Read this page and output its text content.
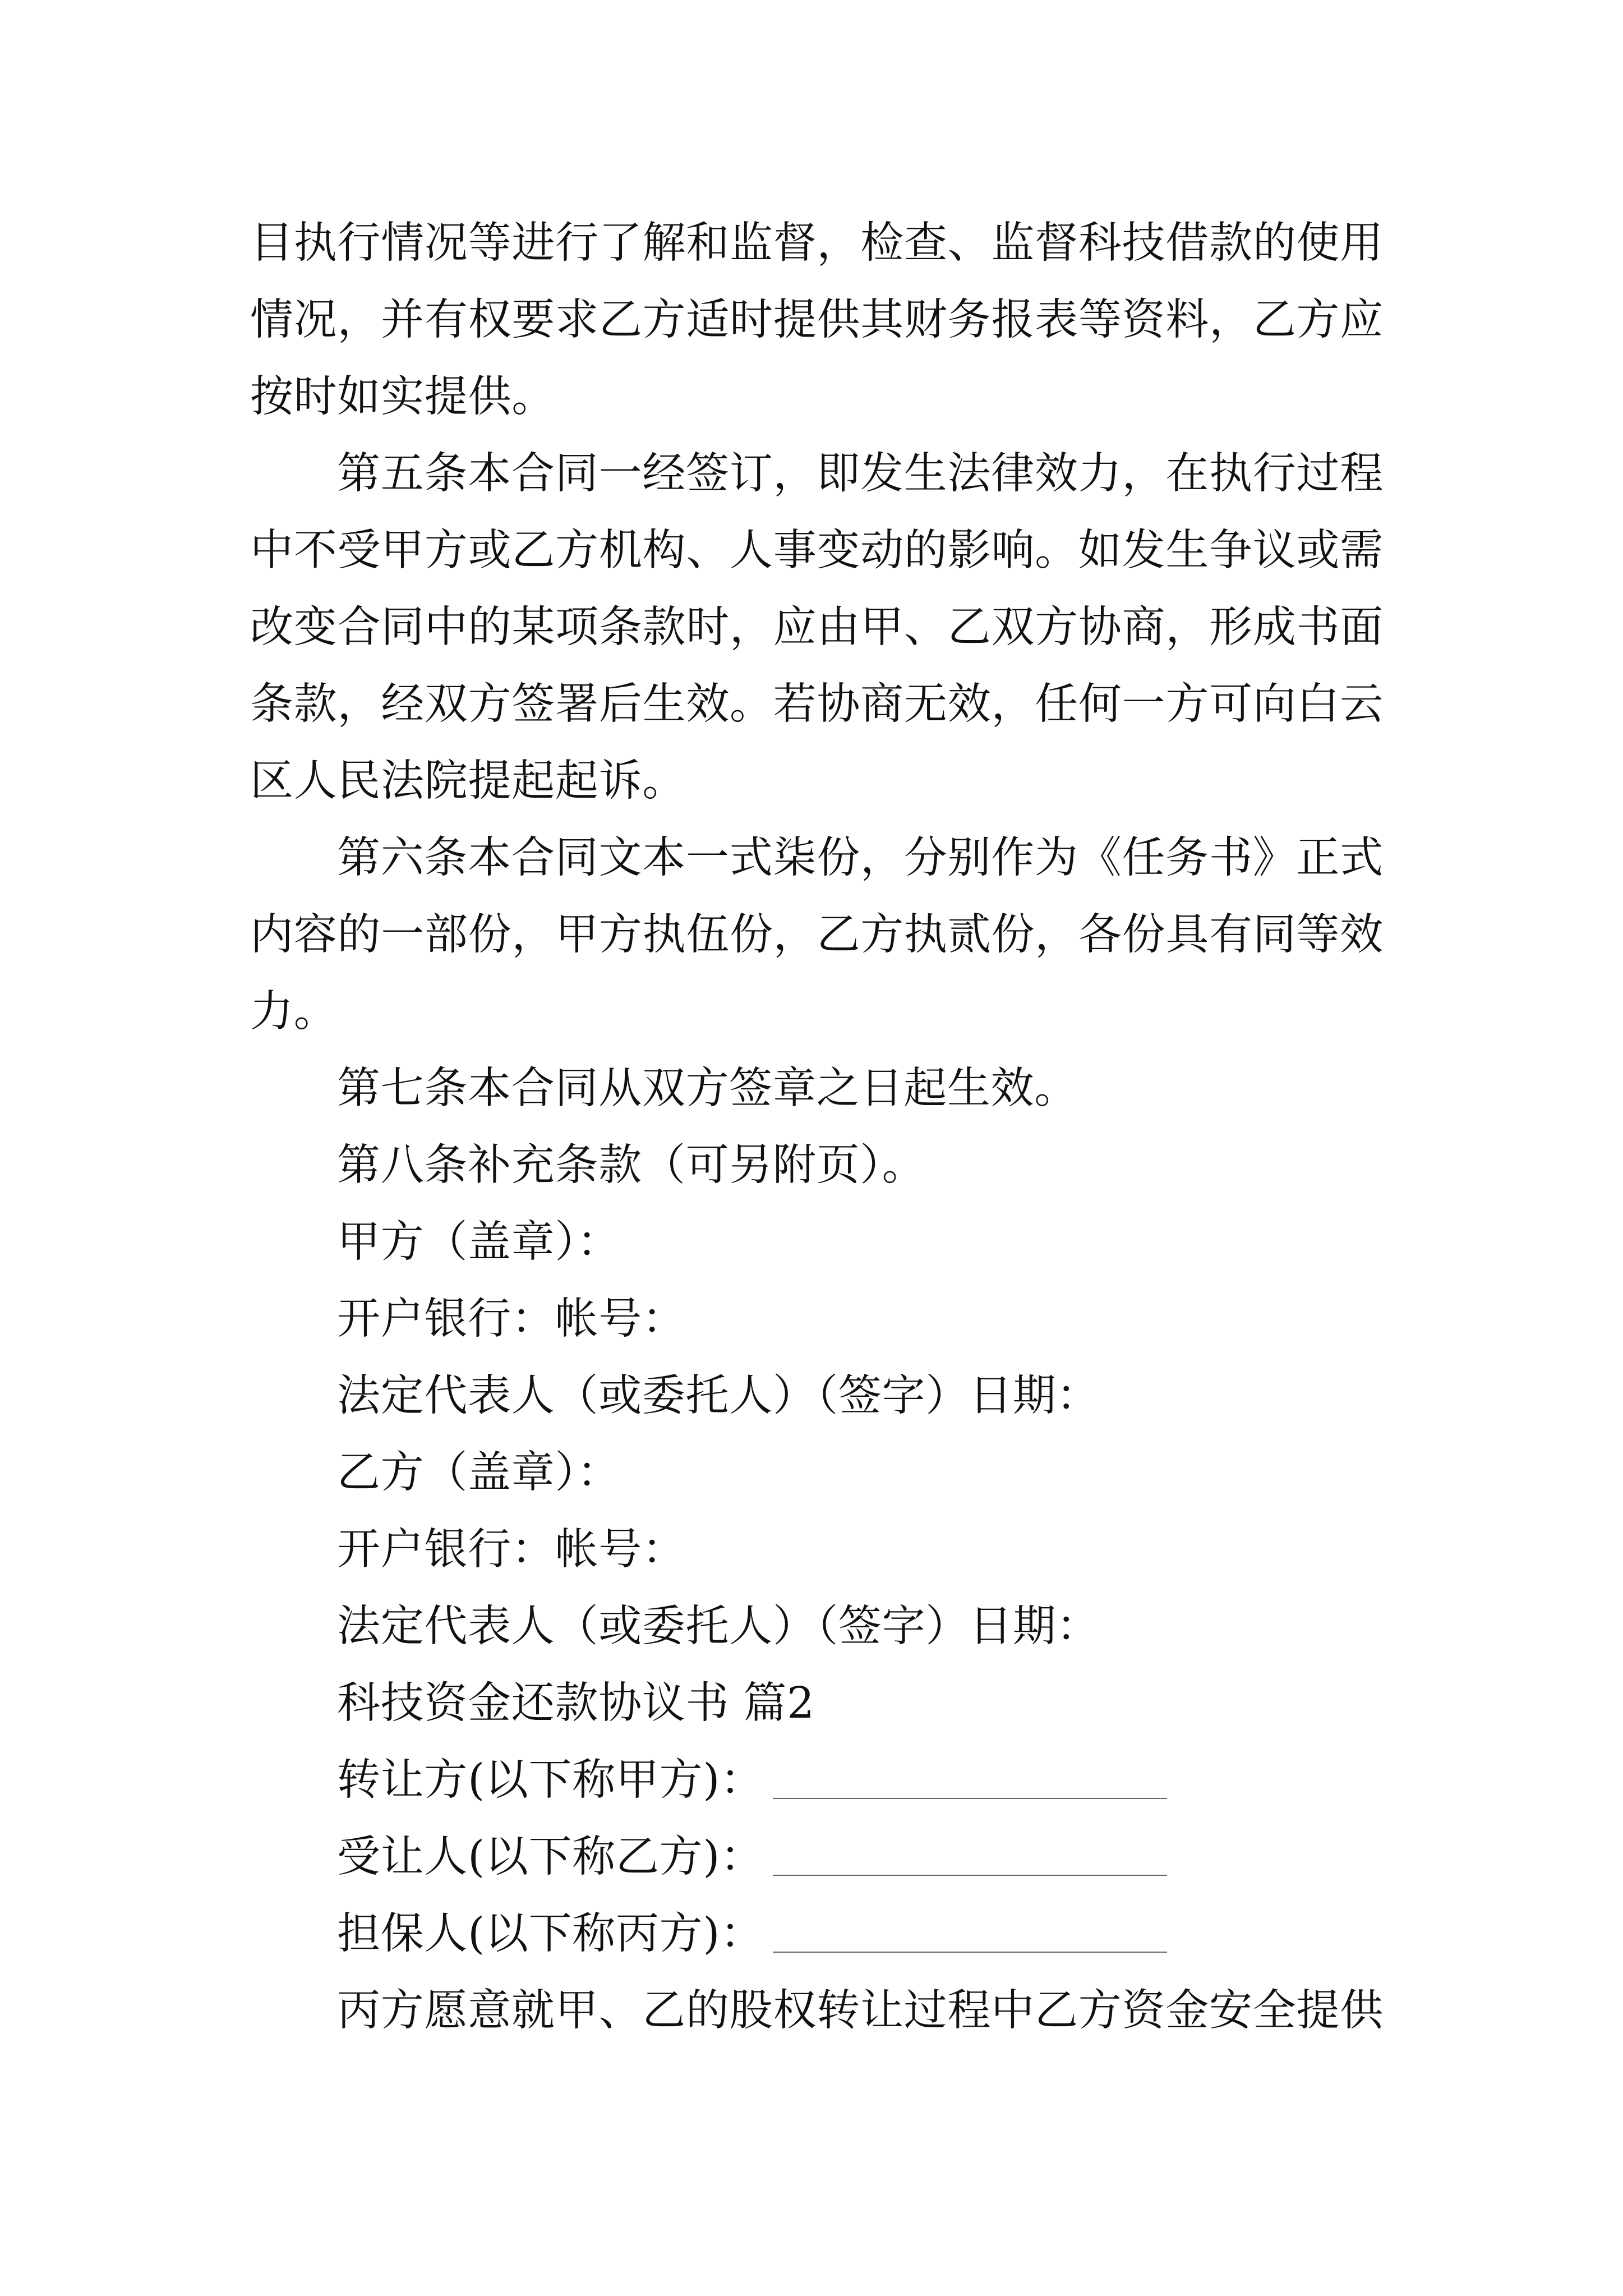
目执行情况等进行了解和监督，检查、监督科技借款的使用
情况，并有权要求乙方适时提供其财务报表等资料，乙方应
按时如实提供。
第五条本合同一经签订，即发生法律效力，在执行过程
中不受甲方或乙方机构、人事变动的影响。如发生争议或需
改变合同中的某项条款时，应由甲、乙双方协商，形成书面
条款，经双方签署后生效。若协商无效，任何一方可向白云
区人民法院提起起诉。
第六条本合同文本一式柒份，分别作为《任务书》正式
内容的一部份，甲方执伍份，乙方执贰份，各份具有同等效
力。
第七条本合同从双方签章之日起生效。
第八条补充条款（可另附页）。
甲方（盖章）：
开户银行：帐号：
法定代表人（或委托人）（签字）日期：
乙方（盖章）：
开户银行：帐号：
法定代表人（或委托人）（签字）日期：
科技资金还款协议书 篇2
转让方(以下称甲方)：
受让人(以下称乙方)：
担保人(以下称丙方)：
丙方愿意就甲、乙的股权转让过程中乙方资金安全提供
